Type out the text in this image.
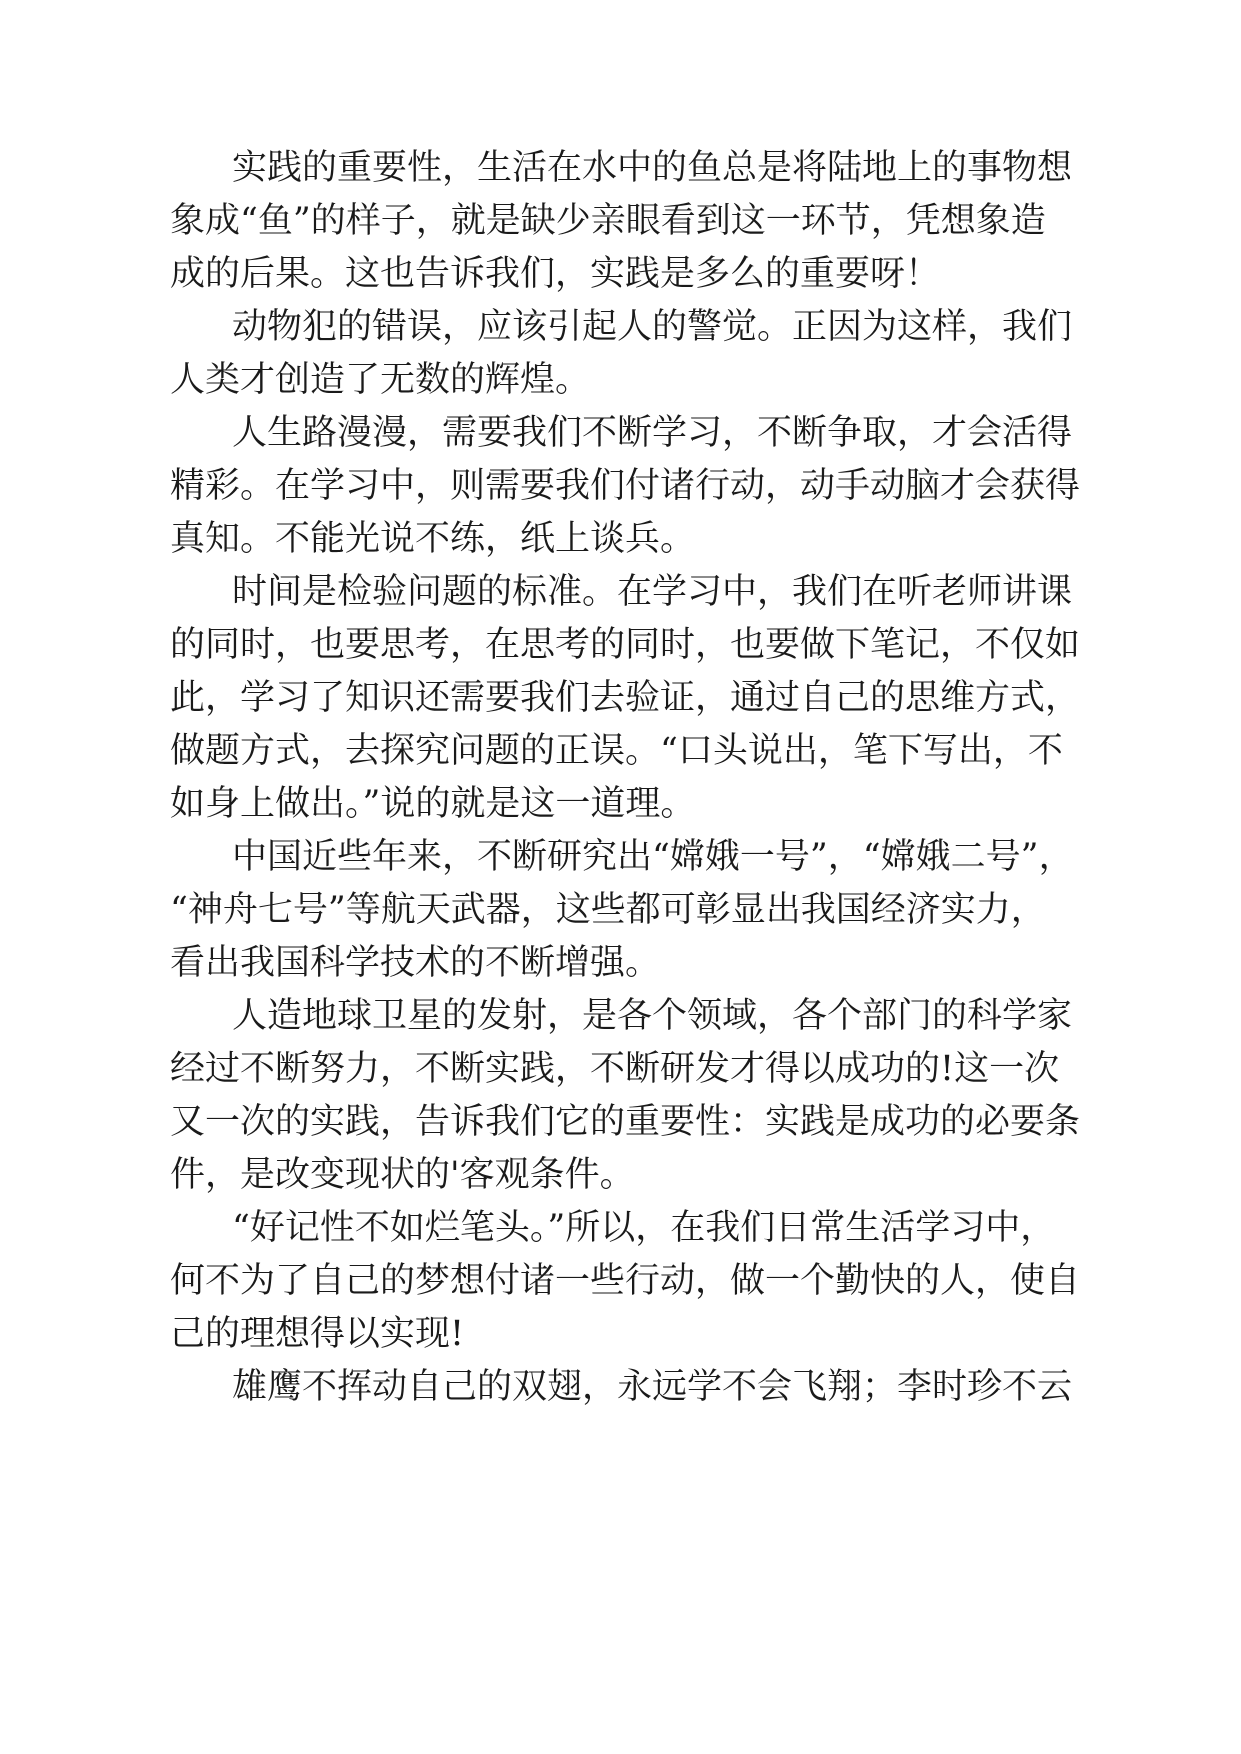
实践的重要性，生活在水中的鱼总是将陆地上的事物想

象成“鱼”的样子，就是缺少亲眼看到这一环节，凭想象造

成的后果。这也告诉我们，实践是多么的重要呀！

动物犯的错误，应该引起人的警觉。正因为这样，我们

人类才创造了无数的辉煌。

人生路漫漫，需要我们不断学习，不断争取，才会活得

精彩。在学习中，则需要我们付诸行动，动手动脑才会获得

真知。不能光说不练，纸上谈兵。

时间是检验问题的标准。在学习中，我们在听老师讲课

的同时，也要思考，在思考的同时，也要做下笔记，不仅如

此，学习了知识还需要我们去验证，通过自己的思维方式，

做题方式，去探究问题的正误。“口头说出，笔下写出，不

如身上做出。”说的就是这一道理。

中国近些年来，不断研究出“嫦娥一号”，“嫦娥二号”，

“神舟七号”等航天武器，这些都可彰显出我国经济实力，

看出我国科学技术的不断增强。

人造地球卫星的发射，是各个领域，各个部门的科学家

经过不断努力，不断实践，不断研发才得以成功的!这一次

又一次的实践，告诉我们它的重要性：实践是成功的必要条

件，是改变现状的'客观条件。

“好记性不如烂笔头。”所以，在我们日常生活学习中，

何不为了自己的梦想付诸一些行动，做一个勤快的人，使自

己的理想得以实现!

雄鹰不挥动自己的双翅，永远学不会飞翔；李时珍不云
